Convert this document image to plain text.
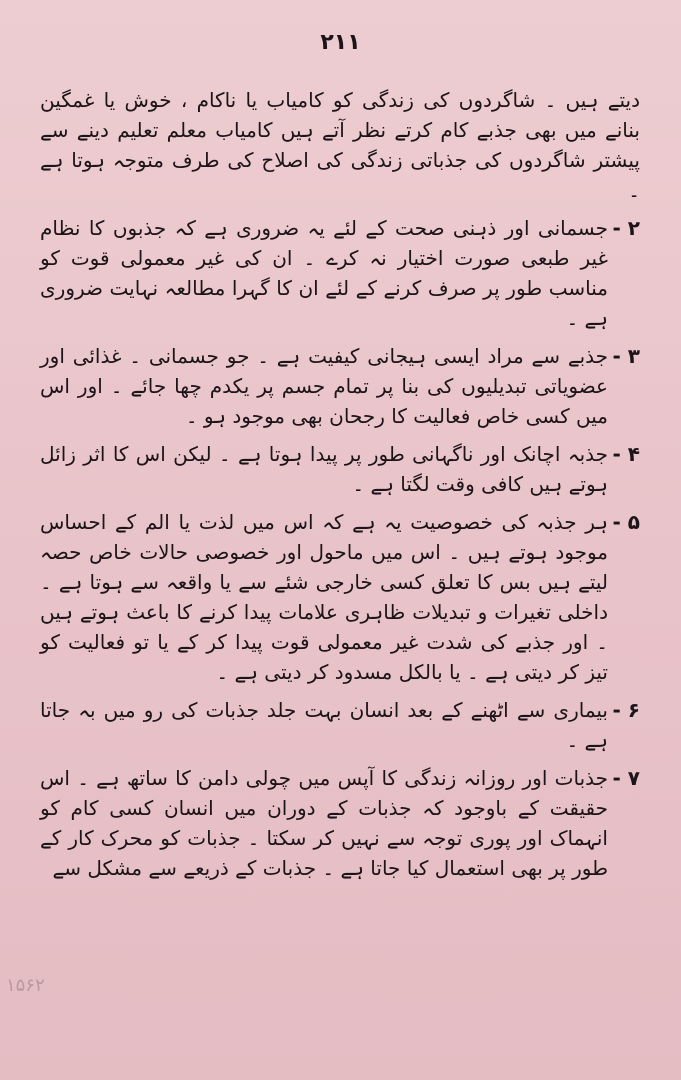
۲۱۱

دیتے ہیں ۔ شاگردوں کی زندگی کو کامیاب یا ناکام ، خوش یا غمگین بنانے میں بھی جذبے کام کرتے نظر آتے ہیں کامیاب معلم تعلیم دینے سے پیشتر شاگردوں کی جذباتی زندگی کی اصلاح کی طرف متوجہ ہوتا ہے ۔

۲ -
جسمانی اور ذہنی صحت کے لئے یہ ضروری ہے کہ جذبوں کا نظام غیر طبعی صورت اختیار نہ کرے ۔ ان کی غیر معمولی قوت کو مناسب طور پر صرف کرنے کے لئے ان کا گہرا مطالعہ نہایت ضروری ہے ۔
۳ -
جذبے سے مراد ایسی ہیجانی کیفیت ہے ۔ جو جسمانی ۔ غذائی اور عضویاتی تبدیلیوں کی بنا پر تمام جسم پر یکدم چھا جائے ۔ اور اس میں کسی خاص فعالیت کا رجحان بھی موجود ہو ۔
۴ -
جذبہ اچانک اور ناگہانی طور پر پیدا ہوتا ہے ۔ لیکن اس کا اثر زائل ہوتے ہیں کافی وقت لگتا ہے ۔
۵ -
ہر جذبہ کی خصوصیت یہ ہے کہ اس میں لذت یا الم کے احساس موجود ہوتے ہیں ۔ اس میں ماحول اور خصوصی حالات خاص حصہ لیتے ہیں بس کا تعلق کسی خارجی شئے سے یا واقعہ سے ہوتا ہے ۔ داخلی تغیرات و تبدیلات ظاہری علامات پیدا کرنے کا باعث ہوتے ہیں ۔ اور جذبے کی شدت غیر معمولی قوت پیدا کر کے یا تو فعالیت کو تیز کر دیتی ہے ۔ یا بالکل مسدود کر دیتی ہے ۔
۶ -
بیماری سے اٹھنے کے بعد انسان بہت جلد جذبات کی رو میں بہ جاتا ہے ۔
۷ -
جذبات اور روزانہ زندگی کا آپس میں چولی دامن کا ساتھ ہے ۔ اس حقیقت کے باوجود کہ جذبات کے دوران میں انسان کسی کام کو انہماک اور پوری توجہ سے نہیں کر سکتا ۔ جذبات کو محرک کار کے طور پر بھی استعمال کیا جاتا ہے ۔ جذبات کے ذریعے سے مشکل سے
۱۵۶۲
